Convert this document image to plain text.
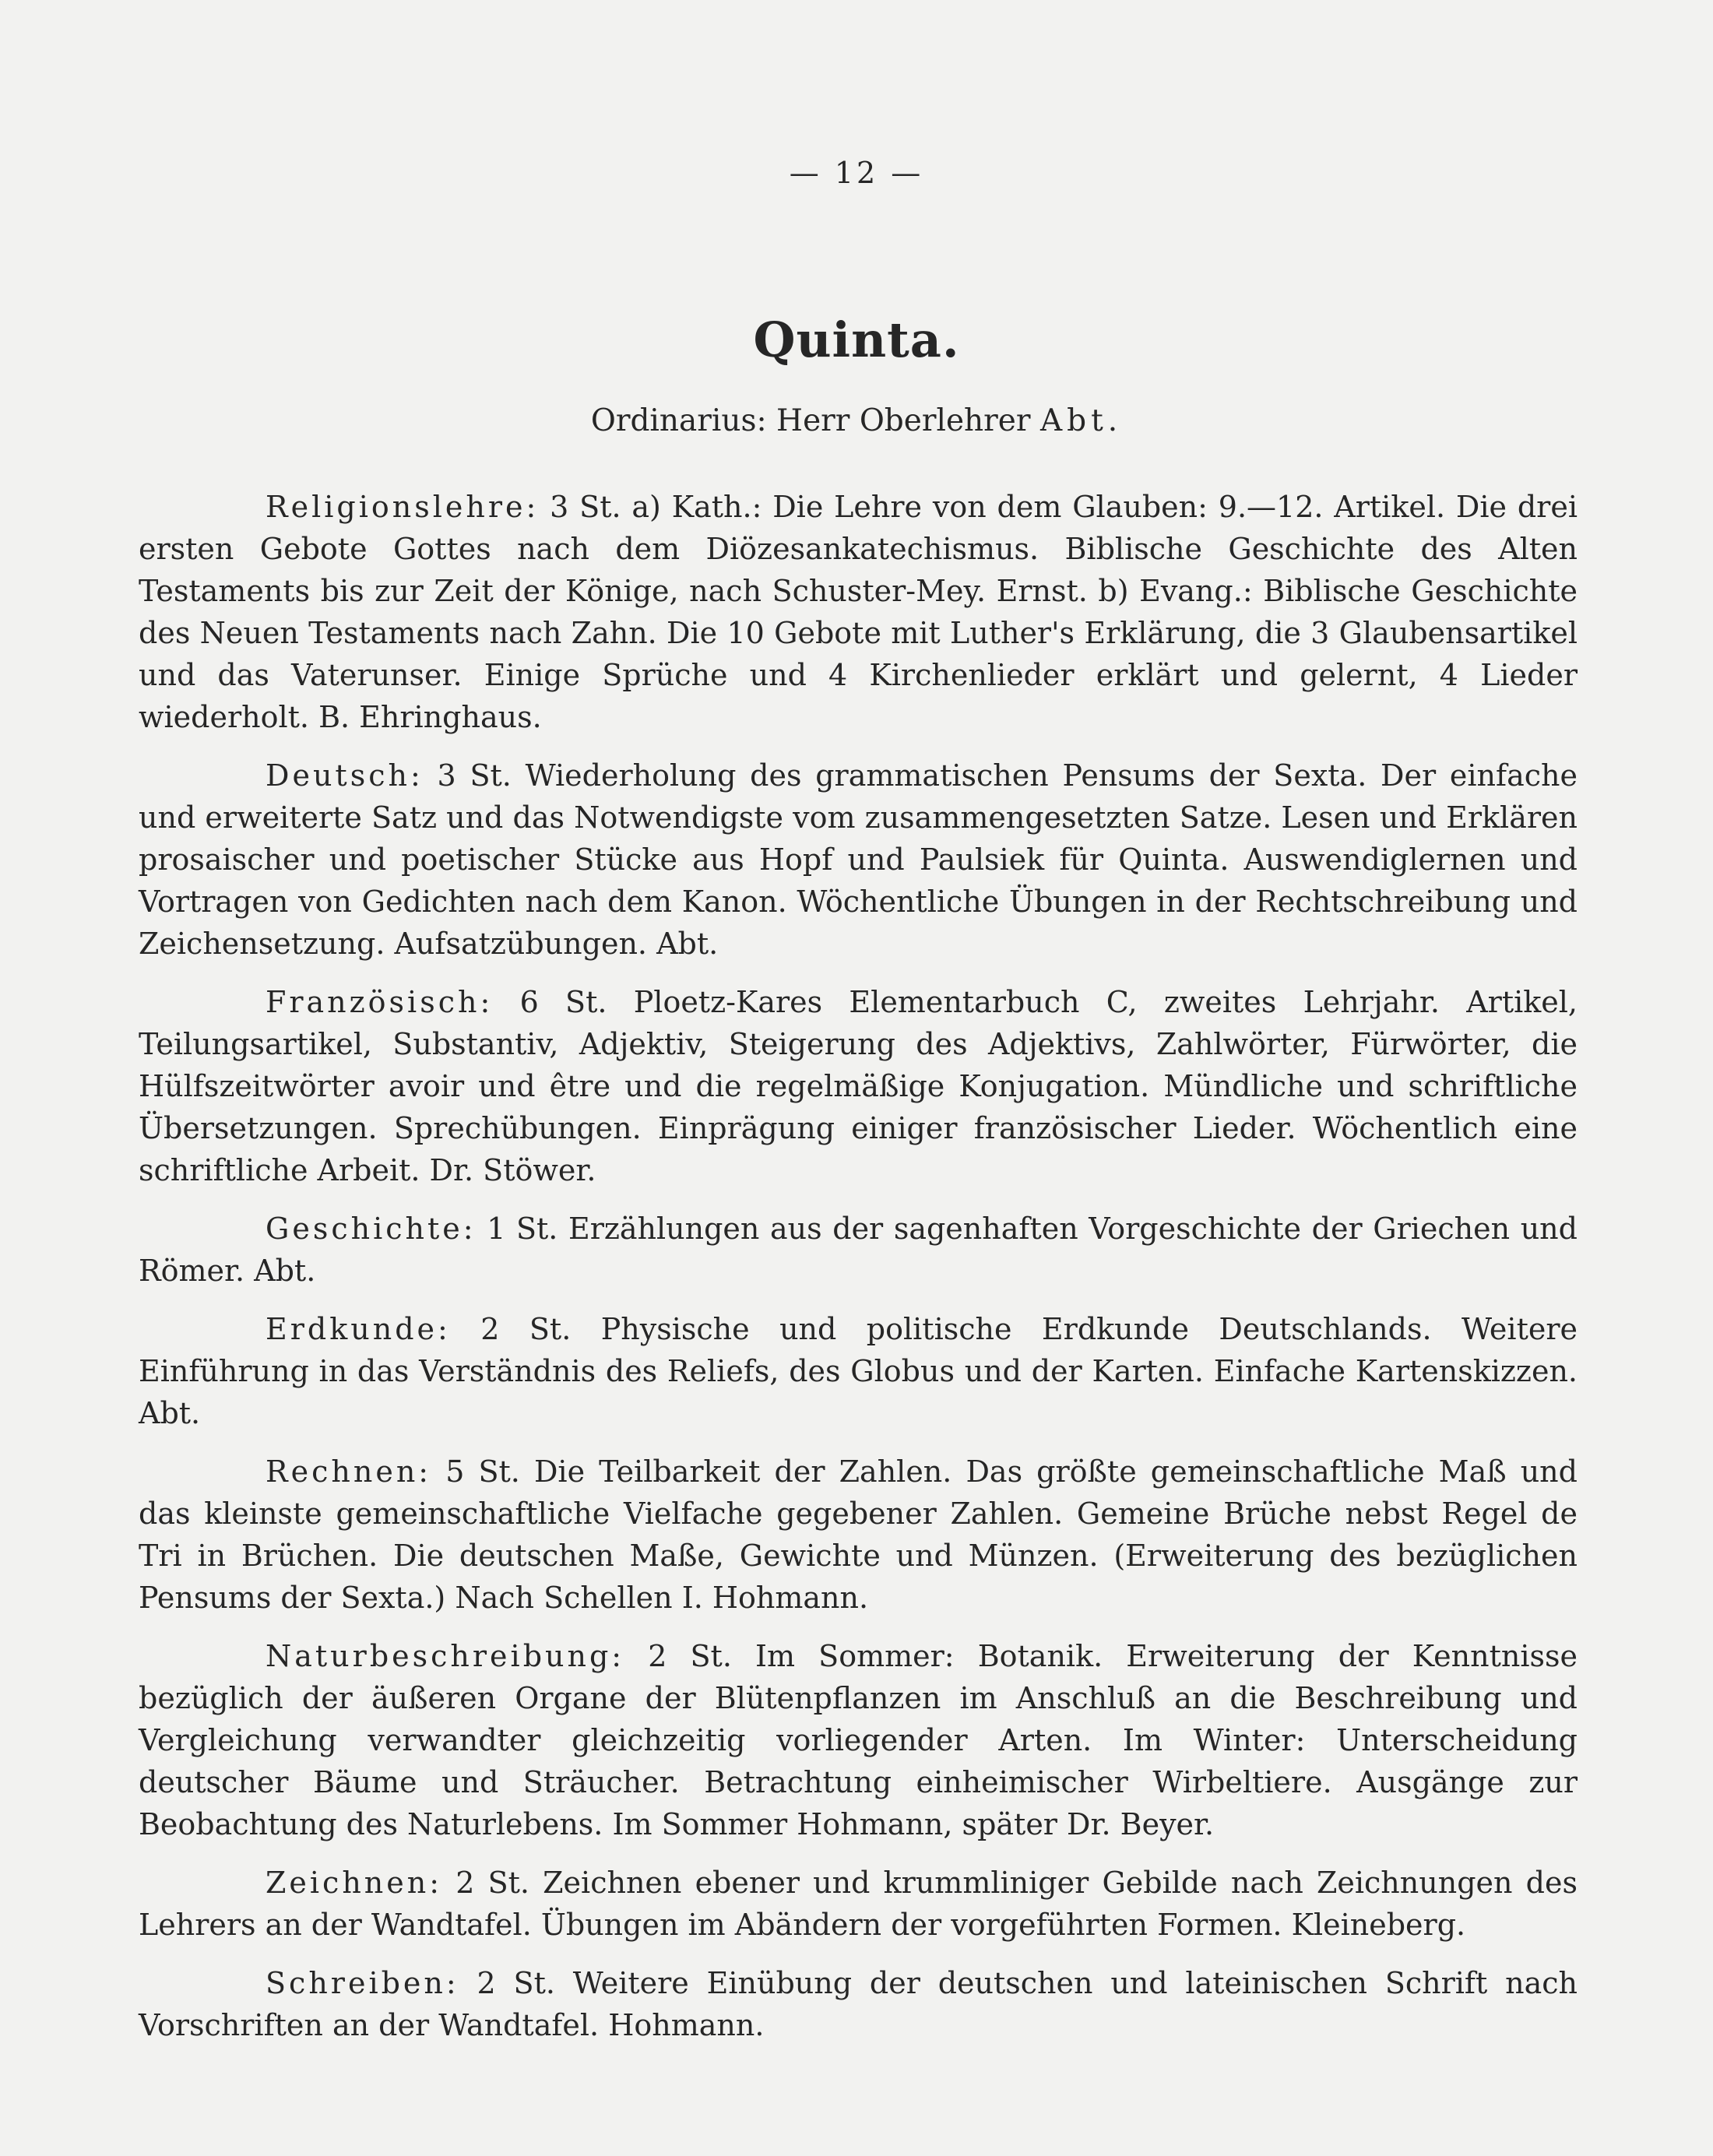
— 12 —
Quinta.
Ordinarius: Herr Oberlehrer Abt.

Religionslehre: 3 St. a) Kath.: Die Lehre von dem Glauben: 9.—12. Artikel. Die drei ersten Gebote Gottes nach dem Diözesankatechismus. Biblische Geschichte des Alten Testaments bis zur Zeit der Könige, nach Schuster-Mey. Ernst. b) Evang.: Biblische Geschichte des Neuen Testaments nach Zahn. Die 10 Gebote mit Luther's Erklärung, die 3 Glaubensartikel und das Vaterunser. Einige Sprüche und 4 Kirchenlieder erklärt und gelernt, 4 Lieder wiederholt. B. Ehringhaus.

Deutsch: 3 St. Wiederholung des grammatischen Pensums der Sexta. Der einfache und erweiterte Satz und das Notwendigste vom zusammengesetzten Satze. Lesen und Erklären prosaischer und poetischer Stücke aus Hopf und Paulsiek für Quinta. Auswendiglernen und Vortragen von Gedichten nach dem Kanon. Wöchentliche Übungen in der Rechtschreibung und Zeichensetzung. Aufsatzübungen. Abt.

Französisch: 6 St. Ploetz-Kares Elementarbuch C, zweites Lehrjahr. Artikel, Teilungsartikel, Substantiv, Adjektiv, Steigerung des Adjektivs, Zahlwörter, Fürwörter, die Hülfszeitwörter avoir und être und die regelmäßige Konjugation. Mündliche und schriftliche Übersetzungen. Sprechübungen. Einprägung einiger französischer Lieder. Wöchentlich eine schriftliche Arbeit. Dr. Stöwer.

Geschichte: 1 St. Erzählungen aus der sagenhaften Vorgeschichte der Griechen und Römer. Abt.

Erdkunde: 2 St. Physische und politische Erdkunde Deutschlands. Weitere Einführung in das Verständnis des Reliefs, des Globus und der Karten. Einfache Kartenskizzen. Abt.

Rechnen: 5 St. Die Teilbarkeit der Zahlen. Das größte gemeinschaftliche Maß und das kleinste gemeinschaftliche Vielfache gegebener Zahlen. Gemeine Brüche nebst Regel de Tri in Brüchen. Die deutschen Maße, Gewichte und Münzen. (Erweiterung des bezüglichen Pensums der Sexta.) Nach Schellen I. Hohmann.

Naturbeschreibung: 2 St. Im Sommer: Botanik. Erweiterung der Kenntnisse bezüglich der äußeren Organe der Blütenpflanzen im Anschluß an die Beschreibung und Vergleichung verwandter gleichzeitig vorliegender Arten. Im Winter: Unterscheidung deutscher Bäume und Sträucher. Betrachtung einheimischer Wirbeltiere. Ausgänge zur Beobachtung des Naturlebens. Im Sommer Hohmann, später Dr. Beyer.

Zeichnen: 2 St. Zeichnen ebener und krummliniger Gebilde nach Zeichnungen des Lehrers an der Wandtafel. Übungen im Abändern der vorgeführten Formen. Kleineberg.

Schreiben: 2 St. Weitere Einübung der deutschen und lateinischen Schrift nach Vorschriften an der Wandtafel. Hohmann.
